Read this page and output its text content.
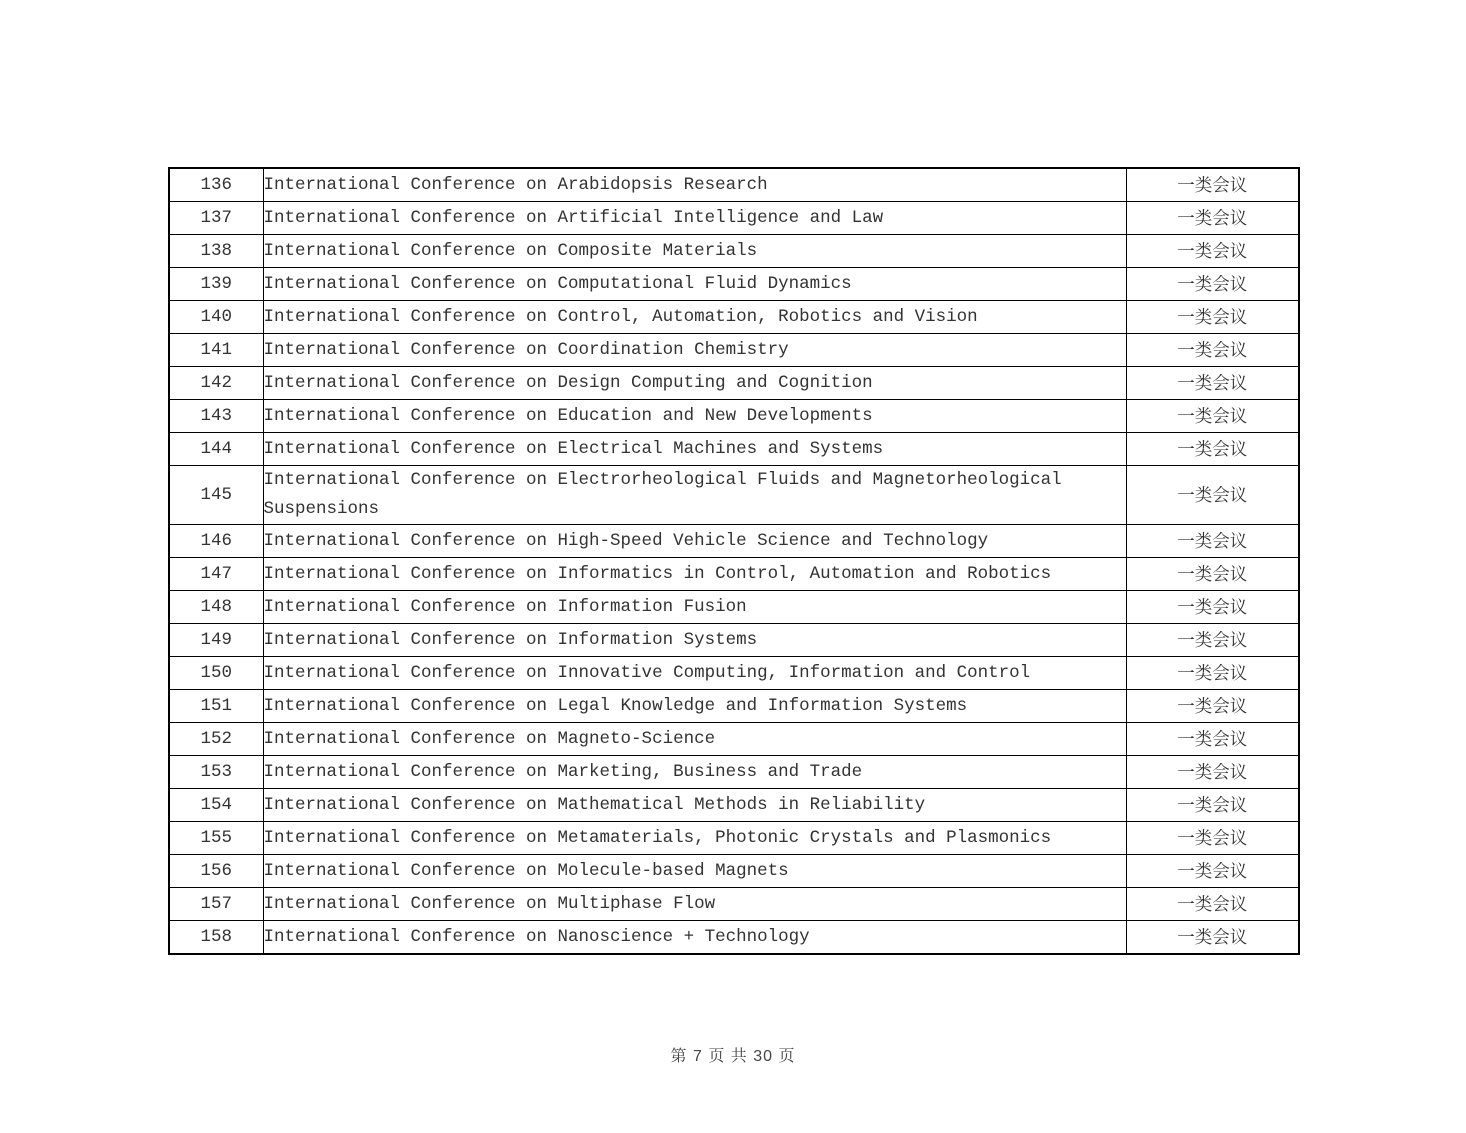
136	International Conference on Arabidopsis Research	一类会议
137	International Conference on Artificial Intelligence and Law	一类会议
138	International Conference on Composite Materials	一类会议
139	International Conference on Computational Fluid Dynamics	一类会议
140	International Conference on Control, Automation, Robotics and Vision	一类会议
141	International Conference on Coordination Chemistry	一类会议
142	International Conference on Design Computing and Cognition	一类会议
143	International Conference on Education and New Developments	一类会议
144	International Conference on Electrical Machines and Systems	一类会议
145	International Conference on Electrorheological Fluids and Magnetorheological Suspensions	一类会议
146	International Conference on High-Speed Vehicle Science and Technology	一类会议
147	International Conference on Informatics in Control, Automation and Robotics	一类会议
148	International Conference on Information Fusion	一类会议
149	International Conference on Information Systems	一类会议
150	International Conference on Innovative Computing, Information and Control	一类会议
151	International Conference on Legal Knowledge and Information Systems	一类会议
152	International Conference on Magneto-Science	一类会议
153	International Conference on Marketing, Business and Trade	一类会议
154	International Conference on Mathematical Methods in Reliability	一类会议
155	International Conference on Metamaterials, Photonic Crystals and Plasmonics	一类会议
156	International Conference on Molecule-based Magnets	一类会议
157	International Conference on Multiphase Flow	一类会议
158	International Conference on Nanoscience + Technology	一类会议
第 7 页 共 30 页
